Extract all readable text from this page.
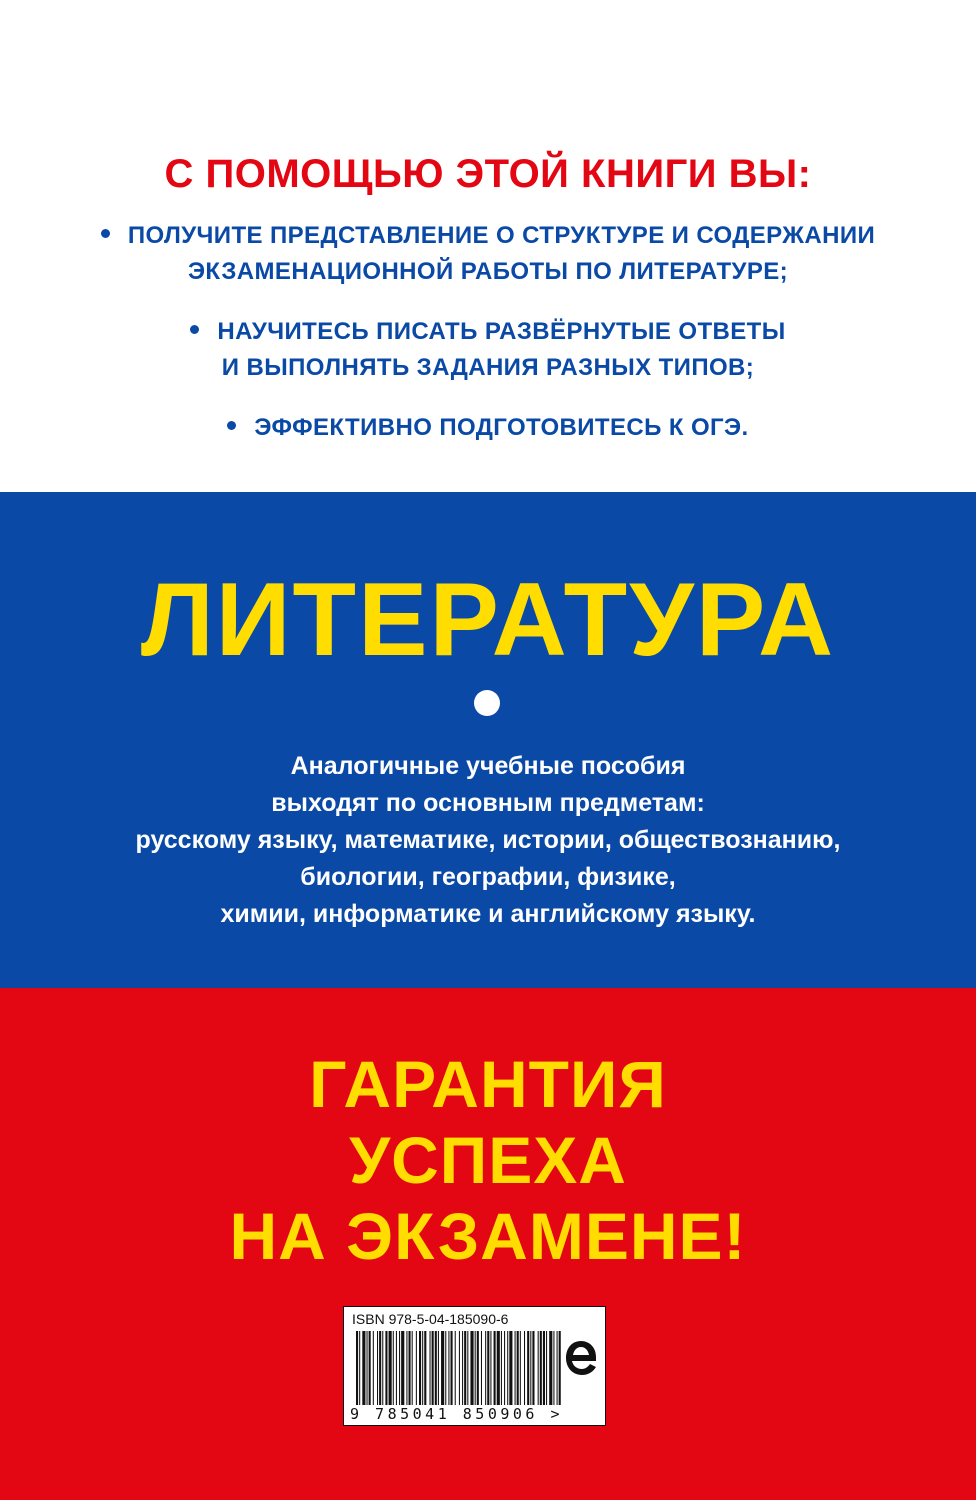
С ПОМОЩЬЮ ЭТОЙ КНИГИ ВЫ:
ПОЛУЧИТЕ ПРЕДСТАВЛЕНИЕ О СТРУКТУРЕ И СОДЕРЖАНИИ
ЭКЗАМЕНАЦИОННОЙ РАБОТЫ ПО ЛИТЕРАТУРЕ;
НАУЧИТЕСЬ ПИСАТЬ РАЗВЁРНУТЫЕ ОТВЕТЫ
И ВЫПОЛНЯТЬ ЗАДАНИЯ РАЗНЫХ ТИПОВ;
ЭФФЕКТИВНО ПОДГОТОВИТЕСЬ К ОГЭ.
ЛИТЕРАТУРА
Аналогичные учебные пособия
выходят по основным предметам:
русскому языку, математике, истории, обществознанию,
биологии, географии, физике,
химии, информатике и английскому языку.
ГАРАНТИЯ
УСПЕХА
НА ЭКЗАМЕНЕ!
ISBN 978-5-04-185090-6
9 785041 850906 >
